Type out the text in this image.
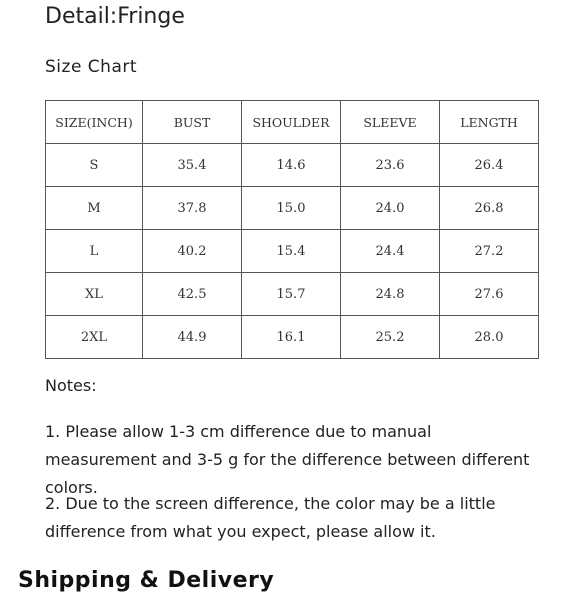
Detail:Fringe
Size Chart
SIZE(INCH)	BUST	SHOULDER	SLEEVE	LENGTH
S	35.4	14.6	23.6	26.4
M	37.8	15.0	24.0	26.8
L	40.2	15.4	24.4	27.2
XL	42.5	15.7	24.8	27.6
2XL	44.9	16.1	25.2	28.0

Notes:

1. Please allow 1-3 cm difference due to manual measurement and 3-5 g for the difference between different colors.

2. Due to the screen difference, the color may be a little difference from what you expect, please allow it.

Shipping & Delivery
